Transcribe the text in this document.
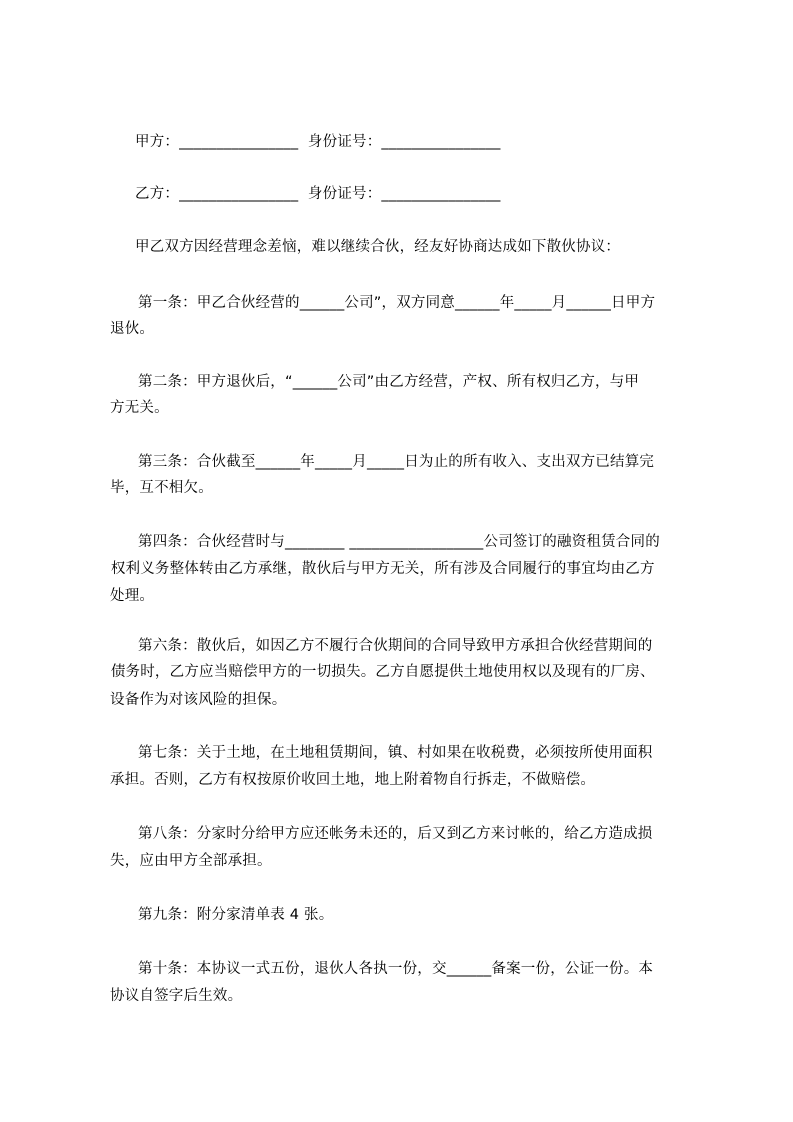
甲方：________________  身份证号：________________

乙方：________________  身份证号：________________

甲乙双方因经营理念差恼，难以继续合伙，经友好协商达成如下散伙协议：

第一条：甲乙合伙经营的______公司”，双方同意______年_____月______日甲方

退伙。

第二条：甲方退伙后，“______公司”由乙方经营，产权、所有权归乙方，与甲

方无关。

第三条：合伙截至______年_____月_____日为止的所有收入、支出双方已结算完

毕，互不相欠。

第四条：合伙经营时与________ __________________公司签订的融资租赁合同的

权利义务整体转由乙方承继，散伙后与甲方无关，所有涉及合同履行的事宜均由乙方

处理。

第六条：散伙后，如因乙方不履行合伙期间的合同导致甲方承担合伙经营期间的

债务时，乙方应当赔偿甲方的一切损失。乙方自愿提供土地使用权以及现有的厂房、

设备作为对该风险的担保。

第七条：关于土地，在土地租赁期间，镇、村如果在收税费，必须按所使用面积

承担。否则，乙方有权按原价收回土地，地上附着物自行拆走，不做赔偿。

第八条：分家时分给甲方应还帐务未还的，后又到乙方来讨帐的，给乙方造成损

失，应由甲方全部承担。

第九条：附分家清单表 4 张。

第十条：本协议一式五份，退伙人各执一份，交______备案一份，公证一份。本

协议自签字后生效。
